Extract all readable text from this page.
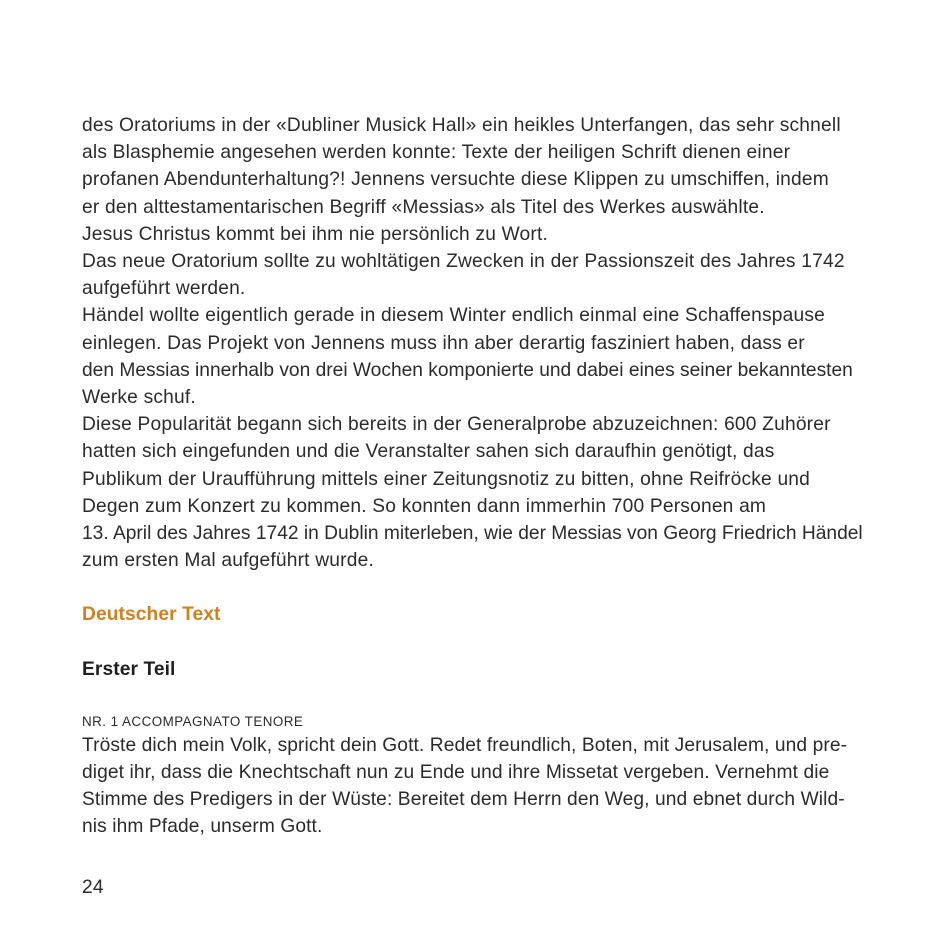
des Oratoriums in der «Dubliner Musick Hall» ein heikles Unterfangen, das sehr schnell

als Blasphemie angesehen werden konnte: Texte der heiligen Schrift dienen einer

profanen Abendunterhaltung?! Jennens versuchte diese Klippen zu umschiffen, indem

er den alttestamentarischen Begriff «Messias» als Titel des Werkes auswählte.

Jesus Christus kommt bei ihm nie persönlich zu Wort.

Das neue Oratorium sollte zu wohltätigen Zwecken in der Passionszeit des Jahres 1742

aufgeführt werden.

Händel wollte eigentlich gerade in diesem Winter endlich einmal eine Schaffenspause

einlegen. Das Projekt von Jennens muss ihn aber derartig fasziniert haben, dass er

den Messias innerhalb von drei Wochen komponierte und dabei eines seiner bekanntesten

Werke schuf.

Diese Popularität begann sich bereits in der Generalprobe abzuzeichnen: 600 Zuhörer

hatten sich eingefunden und die Veranstalter sahen sich daraufhin genötigt, das

Publikum der Uraufführung mittels einer Zeitungsnotiz zu bitten, ohne Reifröcke und

Degen zum Konzert zu kommen. So konnten dann immerhin 700 Personen am

13. April des Jahres 1742 in Dublin miterleben, wie der Messias von Georg Friedrich Händel

zum ersten Mal aufgeführt wurde.

Deutscher Text
Erster Teil

NR. 1 ACCOMPAGNATO TENORE

Tröste dich mein Volk, spricht dein Gott. Redet freundlich, Boten, mit Jerusalem, und pre-

diget ihr, dass die Knechtschaft nun zu Ende und ihre Missetat vergeben. Vernehmt die

Stimme des Predigers in der Wüste: Bereitet dem Herrn den Weg, und ebnet durch Wild-

nis ihm Pfade, unserm Gott.

24
